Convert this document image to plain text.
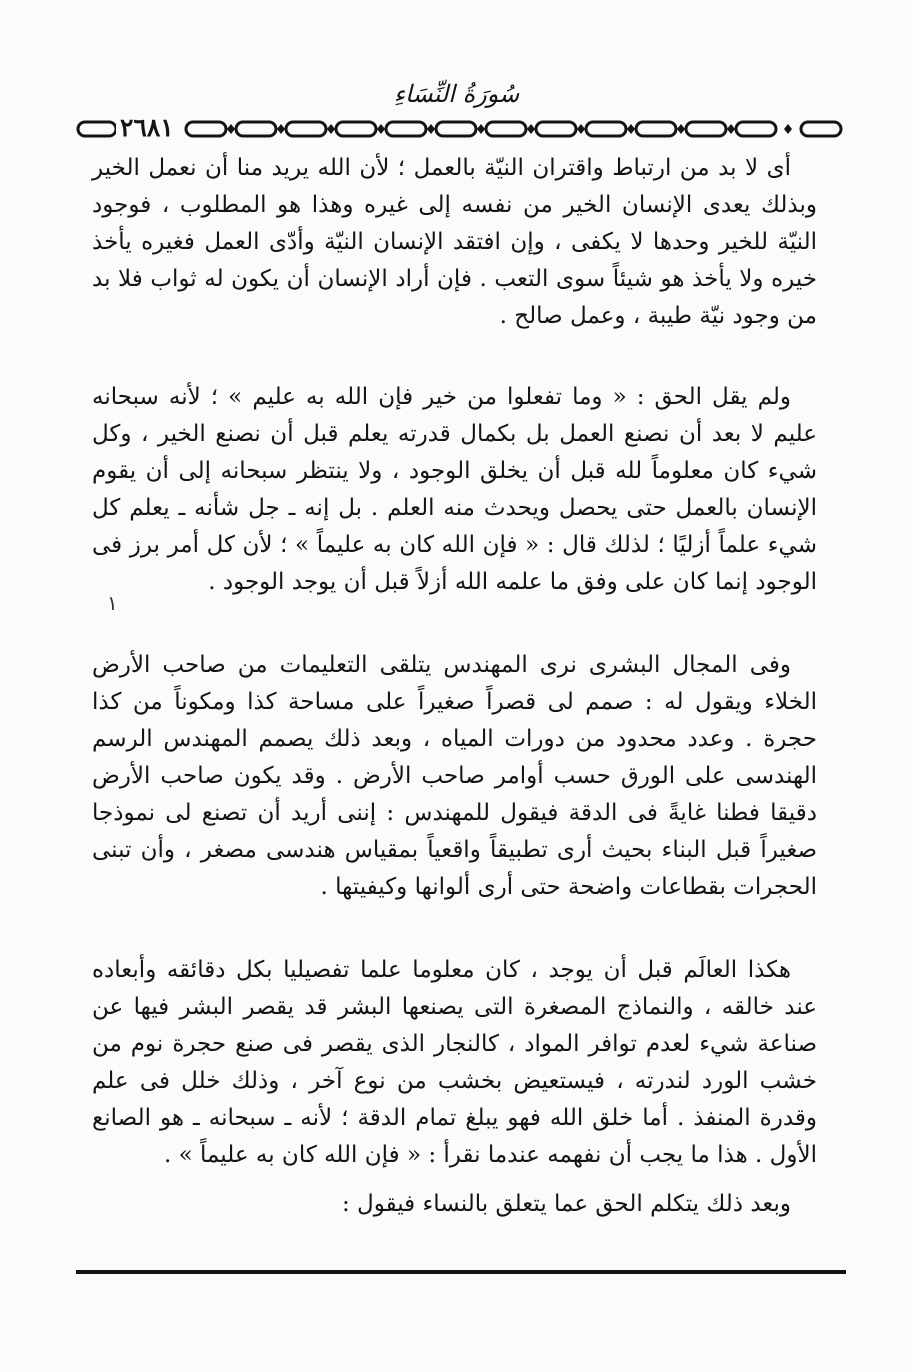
سُورَةُ النِّسَاءِ
٢٦٨١

أى لا بد من ارتباط واقتران النيّة بالعمل ؛ لأن الله يريد منا أن نعمل الخير وبذلك يعدى الإنسان الخير من نفسه إلى غيره وهذا هو المطلوب ، فوجود النيّة للخير وحدها لا يكفى ، وإن افتقد الإنسان النيّة وأدّى العمل فغيره يأخذ خيره ولا يأخذ هو شيئاً سوى التعب . فإن أراد الإنسان أن يكون له ثواب فلا بد من وجود نيّة طيبة ، وعمل صالح .

ولم يقل الحق : « وما تفعلوا من خير فإن الله به عليم » ؛ لأنه سبحانه عليم لا بعد أن نصنع العمل بل بكمال قدرته يعلم قبل أن نصنع الخير ، وكل شيء كان معلوماً لله قبل أن يخلق الوجود ، ولا ينتظر سبحانه إلى أن يقوم الإنسان بالعمل حتى يحصل ويحدث منه العلم . بل إنه ـ جل شأنه ـ يعلم كل شيء علماً أزليًا ؛ لذلك قال : « فإن الله كان به عليماً » ؛ لأن كل أمر برز فى الوجود إنما كان على وفق ما علمه الله أزلاً قبل أن يوجد الوجود .

وفى المجال البشرى نرى المهندس يتلقى التعليمات من صاحب الأرض الخلاء ويقول له : صمم لى قصراً صغيراً على مساحة كذا ومكوناً من كذا حجرة . وعدد محدود من دورات المياه ، وبعد ذلك يصمم المهندس الرسم الهندسى على الورق حسب أوامر صاحب الأرض . وقد يكون صاحب الأرض دقيقا فطنا غايةً فى الدقة فيقول للمهندس : إننى أريد أن تصنع لى نموذجا صغيراً قبل البناء بحيث أرى تطبيقاً واقعياً بمقياس هندسى مصغر ، وأن تبنى الحجرات بقطاعات واضحة حتى أرى ألوانها وكيفيتها .

هكذا العالَم قبل أن يوجد ، كان معلوما علما تفصيليا بكل دقائقه وأبعاده عند خالقه ، والنماذج المصغرة التى يصنعها البشر قد يقصر البشر فيها عن صناعة شيء لعدم توافر المواد ، كالنجار الذى يقصر فى صنع حجرة نوم من خشب الورد لندرته ، فيستعيض بخشب من نوع آخر ، وذلك خلل فى علم وقدرة المنفذ . أما خلق الله فهو يبلغ تمام الدقة ؛ لأنه ـ سبحانه ـ هو الصانع الأول . هذا ما يجب أن نفهمه عندما نقرأ : « فإن الله كان به عليماً » .

وبعد ذلك يتكلم الحق عما يتعلق بالنساء فيقول :

١
